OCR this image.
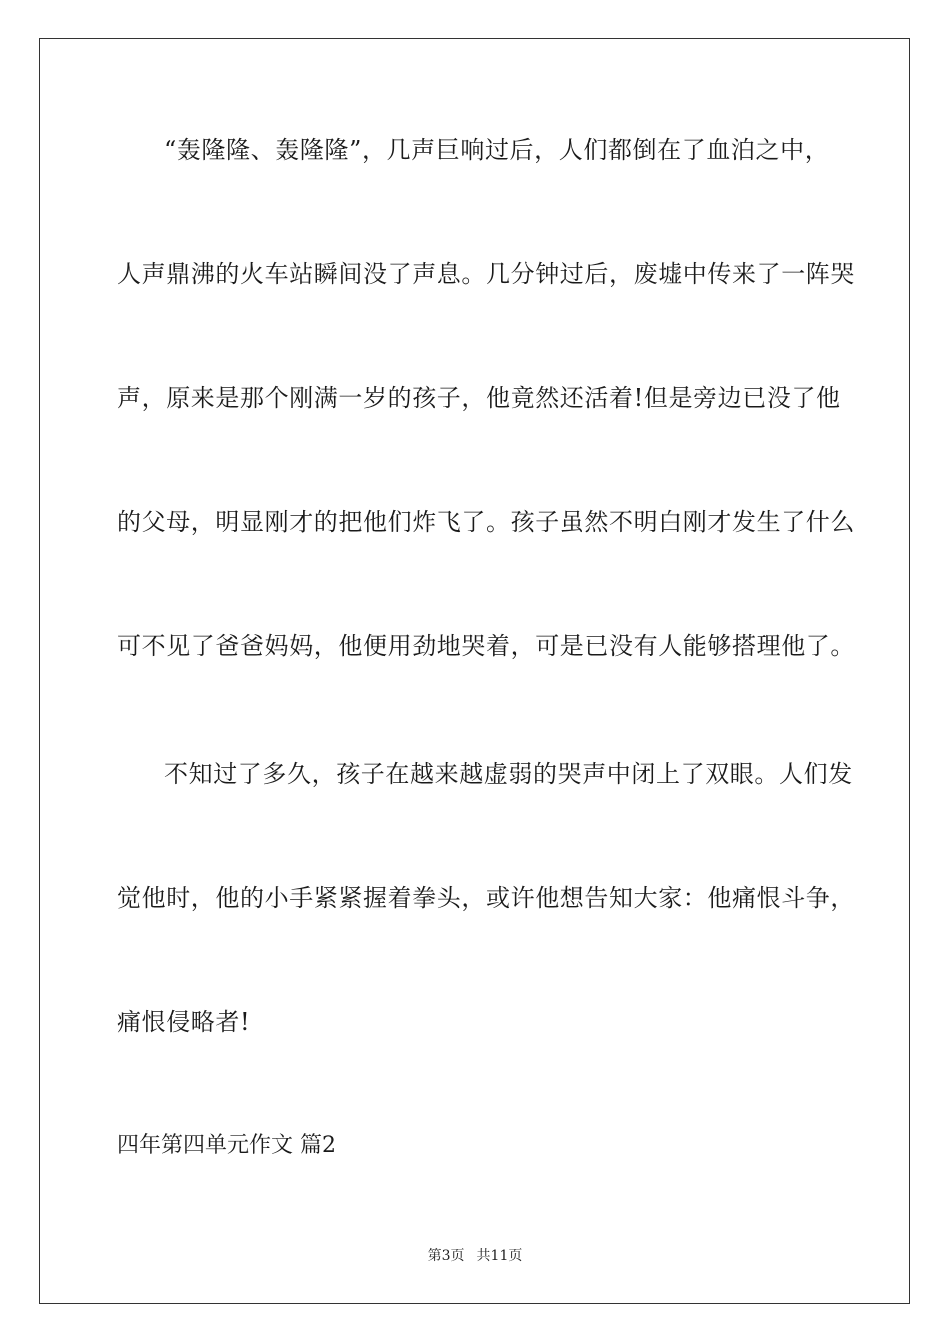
“轰隆隆、轰隆隆”，几声巨响过后，人们都倒在了血泊之中，
人声鼎沸的火车站瞬间没了声息。几分钟过后，废墟中传来了一阵哭
声，原来是那个刚满一岁的孩子，他竟然还活着!但是旁边已没了他
的父母，明显刚才的把他们炸飞了。孩子虽然不明白刚才发生了什么
可不见了爸爸妈妈，他便用劲地哭着，可是已没有人能够搭理他了。
不知过了多久，孩子在越来越虚弱的哭声中闭上了双眼。人们发
觉他时，他的小手紧紧握着拳头，或许他想告知大家：他痛恨斗争，
痛恨侵略者!
四年第四单元作文 篇2
第3页 共11页
